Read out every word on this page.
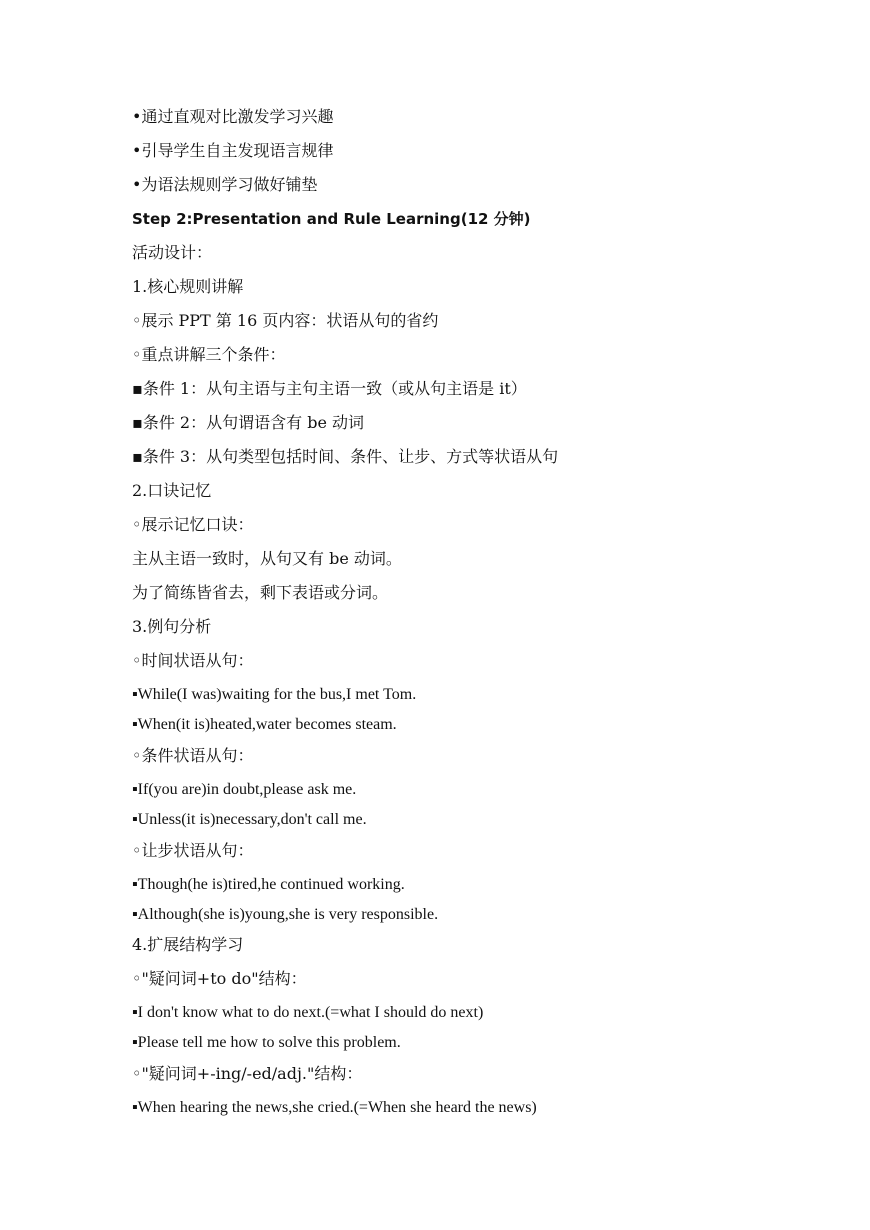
•通过直观对比激发学习兴趣
•引导学生自主发现语言规律
•为语法规则学习做好铺垫
Step 2:Presentation and Rule Learning(12 分钟)
活动设计：
1.核心规则讲解
◦展示 PPT 第 16 页内容：状语从句的省约
◦重点讲解三个条件：
▪条件 1：从句主语与主句主语一致（或从句主语是 it）
▪条件 2：从句谓语含有 be 动词
▪条件 3：从句类型包括时间、条件、让步、方式等状语从句
2.口诀记忆
◦展示记忆口诀：
主从主语一致时，从句又有 be 动词。
为了简练皆省去，剩下表语或分词。
3.例句分析
◦时间状语从句：
▪While(I was)waiting for the bus,I met Tom.
▪When(it is)heated,water becomes steam.
◦条件状语从句：
▪If(you are)in doubt,please ask me.
▪Unless(it is)necessary,don't call me.
◦让步状语从句：
▪Though(he is)tired,he continued working.
▪Although(she is)young,she is very responsible.
4.扩展结构学习
◦"疑问词+to do"结构：
▪I don't know what to do next.(=what I should do next)
▪Please tell me how to solve this problem.
◦"疑问词+-ing/-ed/adj."结构：
▪When hearing the news,she cried.(=When she heard the news)
